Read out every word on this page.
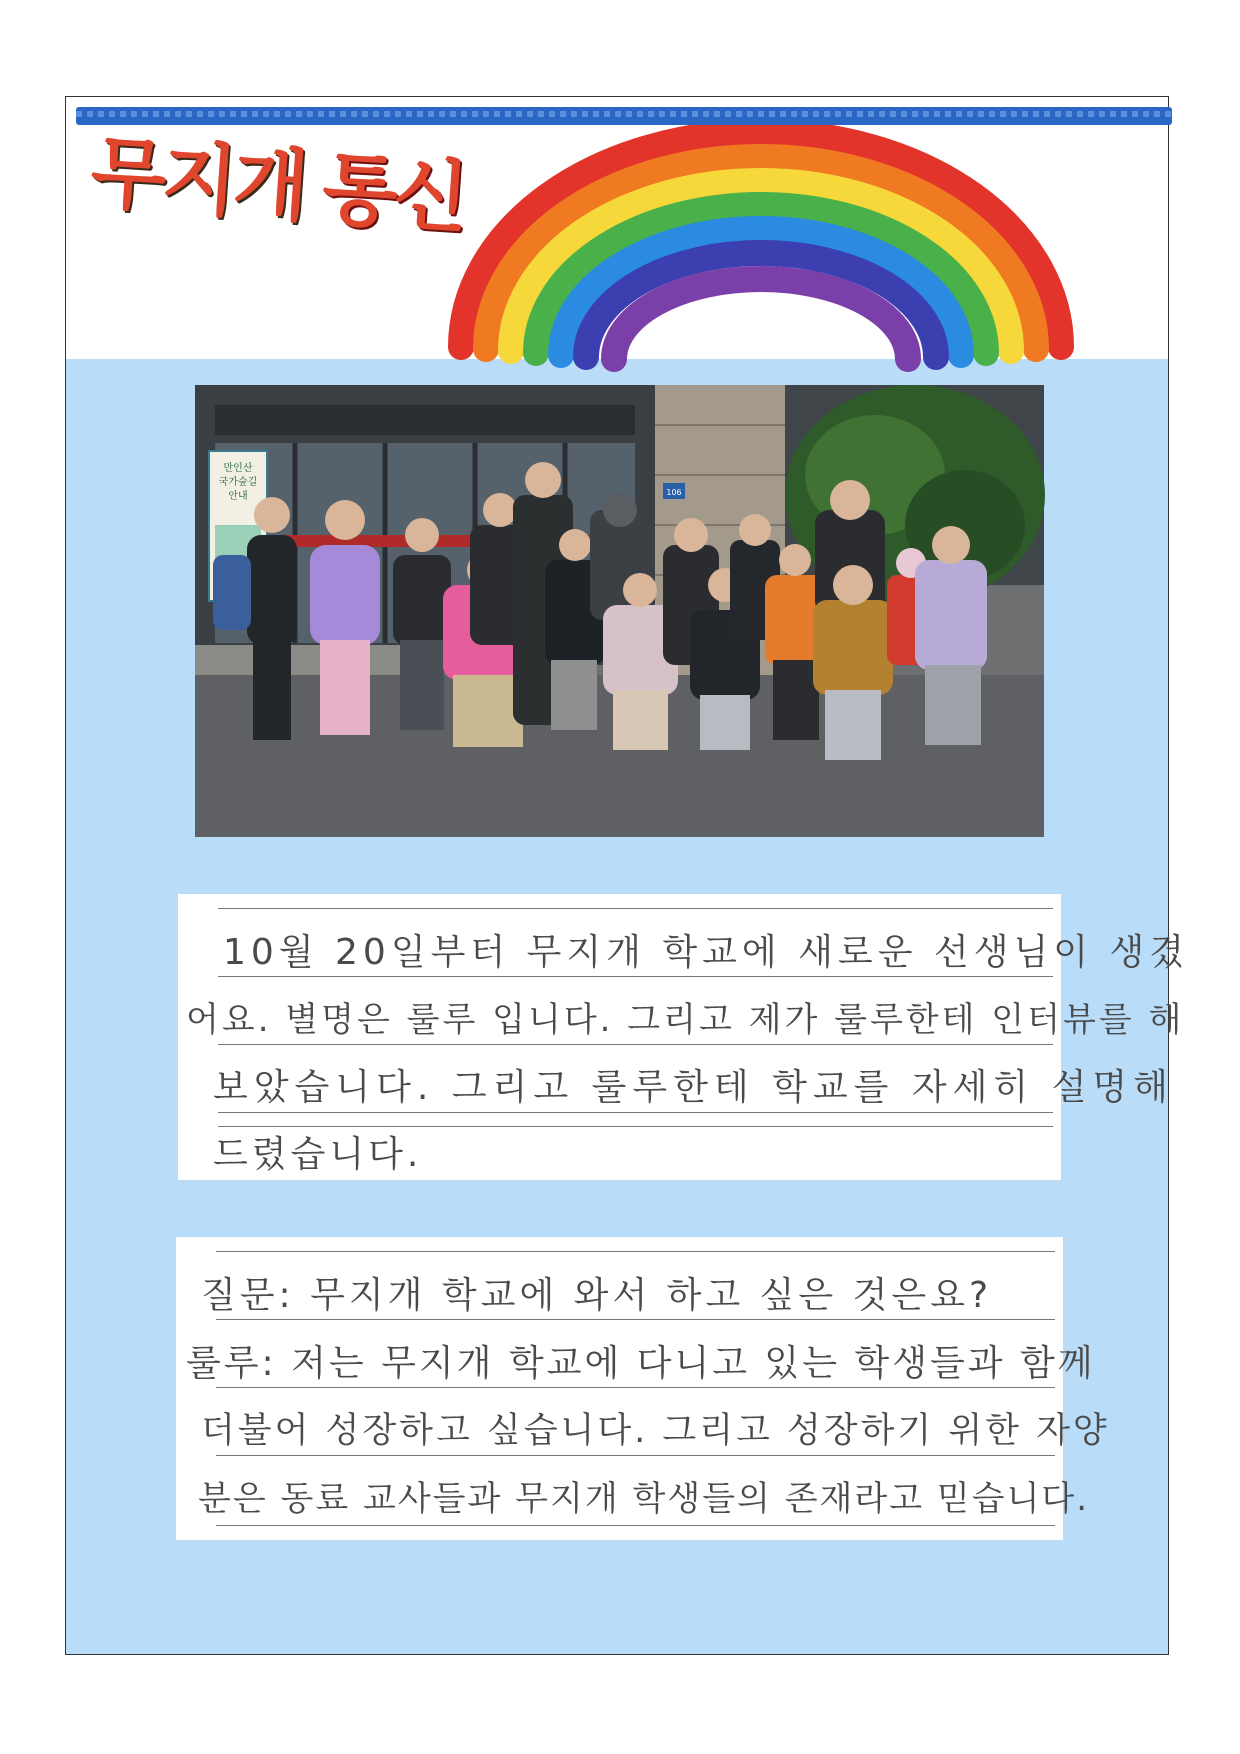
무지개 통신
만인산
국가숲길
안내	106
10월 20일부터 무지개 학교에 새로운 선생님이 생겼
어요. 별명은 룰루 입니다. 그리고 제가 룰루한테 인터뷰를 해
보았습니다. 그리고 룰루한테 학교를 자세히 설명해
드렸습니다.
질문: 무지개 학교에 와서 하고 싶은 것은요?
룰루: 저는 무지개 학교에 다니고 있는 학생들과 함께
더불어 성장하고 싶습니다. 그리고 성장하기 위한 자양
분은 동료 교사들과 무지개 학생들의 존재라고 믿습니다.
